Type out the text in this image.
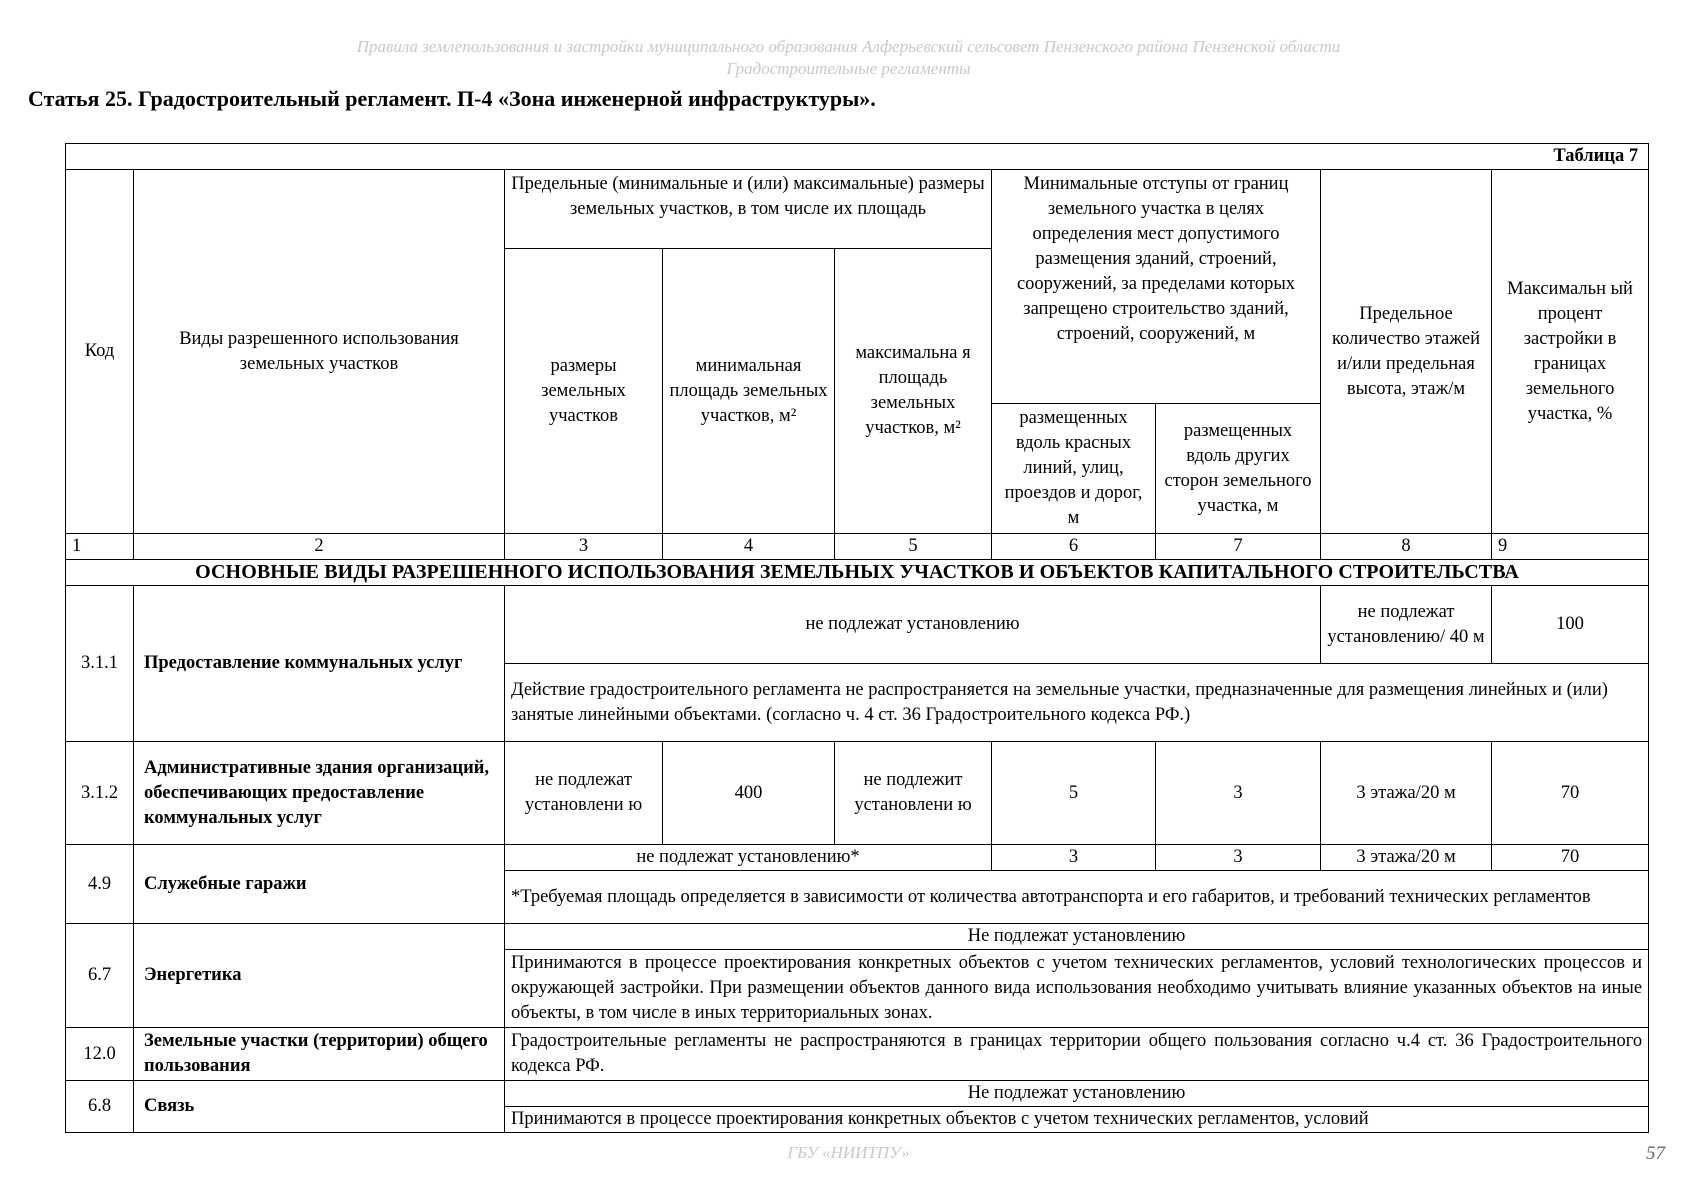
Правила землепользования и застройки муниципального образования Алферьевский сельсовет Пензенского района Пензенской области
Градостроительные регламенты
Статья 25. Градостроительный регламент. П-4 «Зона инженерной инфраструктуры».
Таблица 7								
Код	Виды разрешенного использования земельных участков	Предельные (минимальные и (или) максимальные) размеры земельных участков, в том числе их площадь			Минимальные отступы от границ земельного участка в целях определения мест допустимого размещения зданий, строений, сооружений, за пределами которых запрещено строительство зданий, строений, сооружений, м		Предельное количество этажей и/или предельная высота, этаж/м	Максимальн ый процент застройки в границах земельного участка, %
		размеры земельных участков	минимальная площадь земельных участков, м²	максимальна я площадь земельных участков, м²				
					размещенных вдоль красных линий, улиц, проездов и дорог, м	размещенных вдоль других сторон земельного участка, м		
1	2	3	4	5	6	7	8	9
ОСНОВНЫЕ ВИДЫ РАЗРЕШЕННОГО ИСПОЛЬЗОВАНИЯ ЗЕМЕЛЬНЫХ УЧАСТКОВ И ОБЪЕКТОВ КАПИТАЛЬНОГО СТРОИТЕЛЬСТВА								
3.1.1	Предоставление коммунальных услуг	не подлежат установлению					не подлежат установлению/ 40 м	100
		Действие градостроительного регламента не распространяется на земельные участки, предназначенные для размещения линейных и (или) занятые линейными объектами. (согласно ч. 4 ст. 36 Градостроительного кодекса РФ.)						
3.1.2	Административные здания организаций, обеспечивающих предоставление коммунальных услуг	не подлежат установлени ю	400	не подлежит установлени ю	5	3	3 этажа/20 м	70
4.9	Служебные гаражи	не подлежат установлению*			3	3	3 этажа/20 м	70
		*Требуемая площадь определяется в зависимости от количества автотранспорта и его габаритов, и требований технических регламентов						
6.7	Энергетика	Не подлежат установлению						
		Принимаются в процессе проектирования конкретных объектов с учетом технических регламентов, условий технологических процессов и окружающей застройки. При размещении объектов данного вида использования необходимо учитывать влияние указанных объектов на иные объекты, в том числе в иных территориальных зонах.						
12.0	Земельные участки (территории) общего пользования	Градостроительные регламенты не распространяются в границах территории общего пользования согласно ч.4 ст. 36 Градостроительного кодекса РФ.						
6.8	Связь	Не подлежат установлению						
		Принимаются в процессе проектирования конкретных объектов с учетом технических регламентов, условий						
ГБУ «НИИТПУ»	57
